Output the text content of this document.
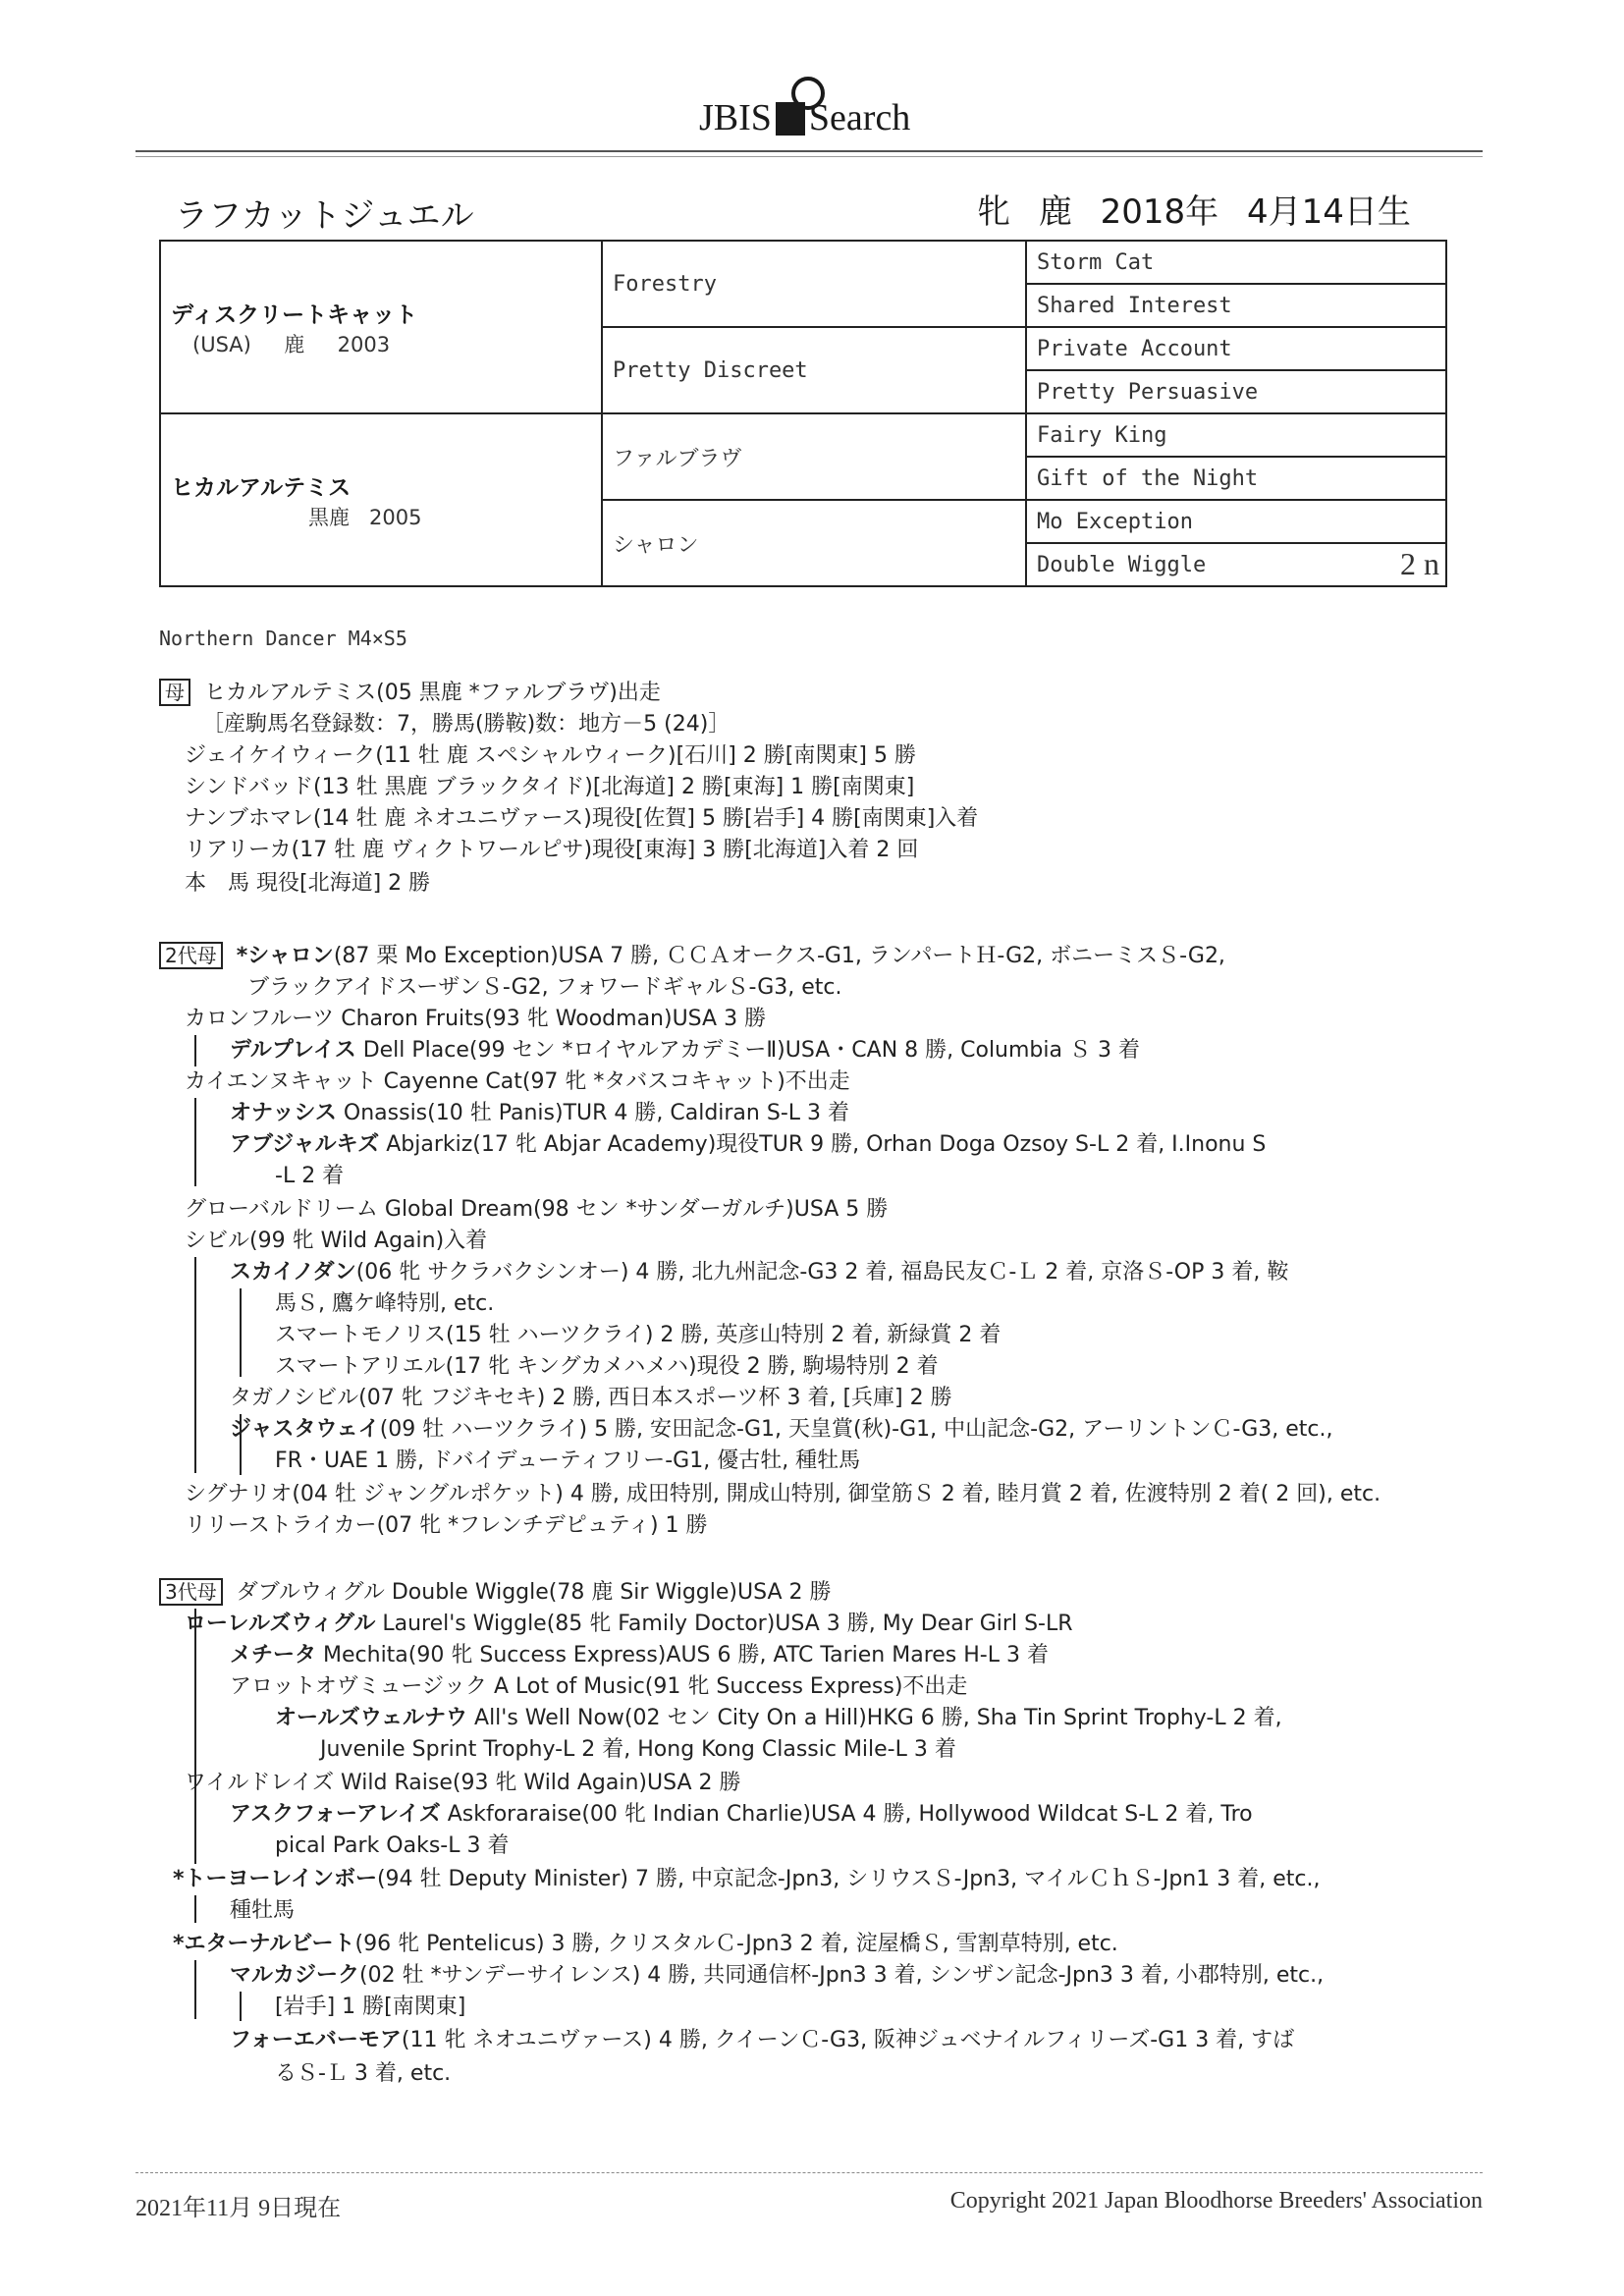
JBIS Search
ラフカットジュエル	牝 鹿 2018年 4月14日生
ディスクリートキャット
(USA) 鹿 2003	Forestry	Storm Cat
		Shared Interest
	Pretty Discreet	Private Account
		Pretty Persuasive

ヒカルアルテミス
黒鹿 2005	ファルブラヴ	Fairy King
		Gift of the Night
	シャロン	Mo Exception
		Double Wiggle 2 n
Northern Dancer M4×S5
母 ヒカルアルテミス(05 黒鹿 *ファルブラヴ)出走
［産駒馬名登録数：7，勝馬(勝鞍)数：地方－5 (24)］
ジェイケイウィーク(11 牡 鹿 スペシャルウィーク)[石川] 2 勝[南関東] 5 勝
シンドバッド(13 牡 黒鹿 ブラックタイド)[北海道] 2 勝[東海] 1 勝[南関東]
ナンブホマレ(14 牡 鹿 ネオユニヴァース)現役[佐賀] 5 勝[岩手] 4 勝[南関東]入着
リアリーカ(17 牡 鹿 ヴィクトワールピサ)現役[東海] 3 勝[北海道]入着 2 回
本　馬 現役[北海道] 2 勝
2代母 *シャロン(87 栗 Mo Exception)USA 7 勝, ＣＣＡオークス-G1, ランパートＨ-G2, ボニーミスＳ-G2,
ブラックアイドスーザンＳ-G2, フォワードギャルＳ-G3, etc.
カロンフルーツ Charon Fruits(93 牝 Woodman)USA 3 勝
デルプレイス Dell Place(99 セン *ロイヤルアカデミーⅡ)USA・CAN 8 勝, Columbia Ｓ 3 着
カイエンヌキャット Cayenne Cat(97 牝 *タバスコキャット)不出走
オナッシス Onassis(10 牡 Panis)TUR 4 勝, Caldiran S-L 3 着
アブジャルキズ Abjarkiz(17 牝 Abjar Academy)現役TUR 9 勝, Orhan Doga Ozsoy S-L 2 着, I.Inonu S
-L 2 着
グローバルドリーム Global Dream(98 セン *サンダーガルチ)USA 5 勝
シビル(99 牝 Wild Again)入着
スカイノダン(06 牝 サクラバクシンオー) 4 勝, 北九州記念-G3 2 着, 福島民友Ｃ-Ｌ 2 着, 京洛Ｓ-OP 3 着, 鞍
馬Ｓ, 鷹ケ峰特別, etc.
スマートモノリス(15 牡 ハーツクライ) 2 勝, 英彦山特別 2 着, 新緑賞 2 着
スマートアリエル(17 牝 キングカメハメハ)現役 2 勝, 駒場特別 2 着
タガノシビル(07 牝 フジキセキ) 2 勝, 西日本スポーツ杯 3 着, [兵庫] 2 勝
ジャスタウェイ(09 牡 ハーツクライ) 5 勝, 安田記念-G1, 天皇賞(秋)-G1, 中山記念-G2, アーリントンＣ-G3, etc.,
FR・UAE 1 勝, ドバイデューティフリー-G1, 優古牡, 種牡馬
シグナリオ(04 牡 ジャングルポケット) 4 勝, 成田特別, 開成山特別, 御堂筋Ｓ 2 着, 睦月賞 2 着, 佐渡特別 2 着( 2 回), etc.
リリーストライカー(07 牝 *フレンチデピュティ) 1 勝
3代母 ダブルウィグル Double Wiggle(78 鹿 Sir Wiggle)USA 2 勝
ローレルズウィグル Laurel's Wiggle(85 牝 Family Doctor)USA 3 勝, My Dear Girl S-LR
メチータ Mechita(90 牝 Success Express)AUS 6 勝, ATC Tarien Mares H-L 3 着
アロットオヴミュージック A Lot of Music(91 牝 Success Express)不出走
オールズウェルナウ All's Well Now(02 セン City On a Hill)HKG 6 勝, Sha Tin Sprint Trophy-L 2 着,
Juvenile Sprint Trophy-L 2 着, Hong Kong Classic Mile-L 3 着
ワイルドレイズ Wild Raise(93 牝 Wild Again)USA 2 勝
アスクフォーアレイズ Askforaraise(00 牝 Indian Charlie)USA 4 勝, Hollywood Wildcat S-L 2 着, Tro
pical Park Oaks-L 3 着
*トーヨーレインボー(94 牡 Deputy Minister) 7 勝, 中京記念-Jpn3, シリウスＳ-Jpn3, マイルＣｈＳ-Jpn1 3 着, etc.,
種牡馬
*エターナルビート(96 牝 Pentelicus) 3 勝, クリスタルＣ-Jpn3 2 着, 淀屋橋Ｓ, 雪割草特別, etc.
マルカジーク(02 牡 *サンデーサイレンス) 4 勝, 共同通信杯-Jpn3 3 着, シンザン記念-Jpn3 3 着, 小郡特別, etc.,
[岩手] 1 勝[南関東]
フォーエバーモア(11 牝 ネオユニヴァース) 4 勝, クイーンＣ-G3, 阪神ジュベナイルフィリーズ-G1 3 着, すば
るＳ-Ｌ 3 着, etc.
2021年11月 9日現在	Copyright 2021 Japan Bloodhorse Breeders' Association
